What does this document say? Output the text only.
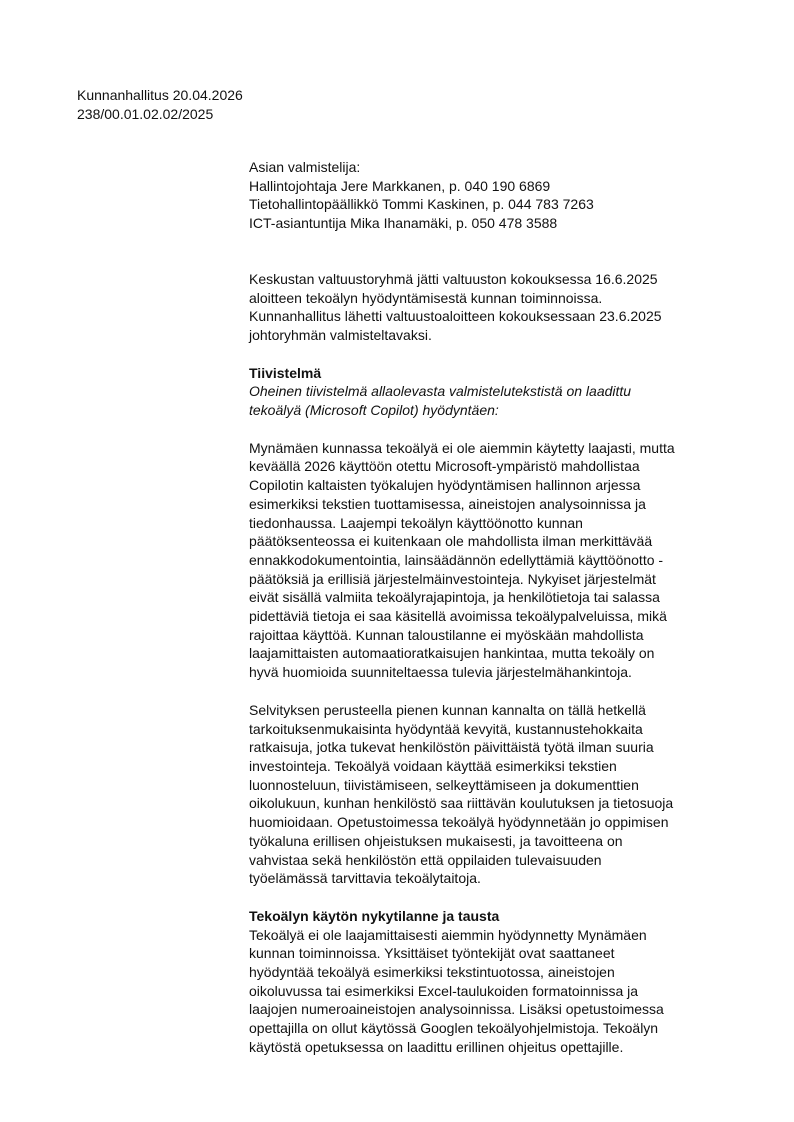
Kunnanhallitus 20.04.2026
238/00.01.02.02/2025
Asian valmistelija:
Hallintojohtaja Jere Markkanen, p. 040 190 6869
Tietohallintopäällikkö Tommi Kaskinen, p. 044 783 7263
ICT-asiantuntija Mika Ihanamäki, p. 050 478 3588
Keskustan valtuustoryhmä jätti valtuuston kokouksessa 16.6.2025
aloitteen tekoälyn hyödyntämisestä kunnan toiminnoissa.
Kunnanhallitus lähetti valtuustoaloitteen kokouksessaan 23.6.2025
johtoryhmän valmisteltavaksi.
Tiivistelmä
Oheinen tiivistelmä allaolevasta valmistelutekstistä on laadittu
tekoälyä (Microsoft Copilot) hyödyntäen:
Mynämäen kunnassa tekoälyä ei ole aiemmin käytetty laajasti, mutta
keväällä 2026 käyttöön otettu Microsoft-ympäristö mahdollistaa
Copilotin kaltaisten työkalujen hyödyntämisen hallinnon arjessa
esimerkiksi tekstien tuottamisessa, aineistojen analysoinnissa ja
tiedonhaussa. Laajempi tekoälyn käyttöönotto kunnan
päätöksenteossa ei kuitenkaan ole mahdollista ilman merkittävää
ennakkodokumentointia, lainsäädännön edellyttämiä käyttöönotto -
päätöksiä ja erillisiä järjestelmäinvestointeja. Nykyiset järjestelmät
eivät sisällä valmiita tekoälyrajapintoja, ja henkilötietoja tai salassa
pidettäviä tietoja ei saa käsitellä avoimissa tekoälypalveluissa, mikä
rajoittaa käyttöä. Kunnan taloustilanne ei myöskään mahdollista
laajamittaisten automaatioratkaisujen hankintaa, mutta tekoäly on
hyvä huomioida suunniteltaessa tulevia järjestelmähankintoja.
Selvityksen perusteella pienen kunnan kannalta on tällä hetkellä
tarkoituksenmukaisinta hyödyntää kevyitä, kustannustehokkaita
ratkaisuja, jotka tukevat henkilöstön päivittäistä työtä ilman suuria
investointeja. Tekoälyä voidaan käyttää esimerkiksi tekstien
luonnosteluun, tiivistämiseen, selkeyttämiseen ja dokumenttien
oikolukuun, kunhan henkilöstö saa riittävän koulutuksen ja tietosuoja
huomioidaan. Opetustoimessa tekoälyä hyödynnetään jo oppimisen
työkaluna erillisen ohjeistuksen mukaisesti, ja tavoitteena on
vahvistaa sekä henkilöstön että oppilaiden tulevaisuuden
työelämässä tarvittavia tekoälytaitoja.
Tekoälyn käytön nykytilanne ja tausta
Tekoälyä ei ole laajamittaisesti aiemmin hyödynnetty Mynämäen
kunnan toiminnoissa. Yksittäiset työntekijät ovat saattaneet
hyödyntää tekoälyä esimerkiksi tekstintuotossa, aineistojen
oikoluvussa tai esimerkiksi Excel-taulukoiden formatoinnissa ja
laajojen numeroaineistojen analysoinnissa. Lisäksi opetustoimessa
opettajilla on ollut käytössä Googlen tekoälyohjelmistoja. Tekoälyn
käytöstä opetuksessa on laadittu erillinen ohjeitus opettajille.
